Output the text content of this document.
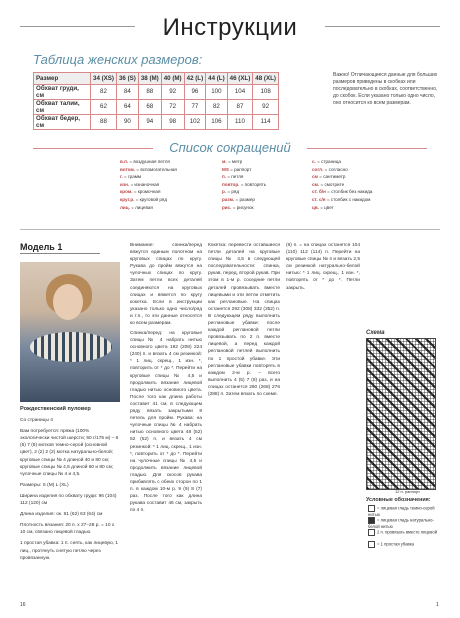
Инструкции
Таблица женских размеров:
Размер	34 (XS)	36 (S)	38 (M)	40 (M)	42 (L)	44 (L)	46 (XL)	48 (XL)
Обхват груди, см	82	84	88	92	96	100	104	108
Обхват талии, см	62	64	68	72	77	82	87	92
Обхват бедер, см	88	90	94	98	102	106	110	114
Важно! Отличающиеся данные для больших размеров приведены в скобках или последовательно в скобках, соответственно, до скобок. Если указано только одно число, оно относится ко всем размерам.
Список сокращений
в.п. = воздушная петля
вотом. = вспомогательная
г. = грамм
изн. = изнаночная
кром. = кромочная
круг.р. = круговой ряд
лиц. = лицевая
м. = метр
MS = раппорт
п. = петля
повтор. = повторять
р. = ряд
разм. = размер
рис. = рисунок
с. = страница
согл. = согласно
см = сантиметр
см. = смотрите
ст. б/н = столбик без накида
ст. с/н = столбик с накидом
цв. = цвет
Модель 1

Рождественский пуловер

Со страницы 4

Вам потребуется: пряжа (100% экологически чистой шерсти; 50 г/175 м) – 6 (6) 7 (8) мотков темно-серой (основной цвет), 2 (2) 2 (2) мотка натурально-белой; круговые спицы № 4 длиной 40 и 80 см; круговые спицы № 4,5 длиной 60 и 80 см; чулочные спицы № 4 и 4,5.

Размеры: S (M) L (XL)

Ширина изделия по обхвату груди: 96 (104) 112 (120) см

Длина изделия: ок. 61 (62) 63 (64) см

Плотность вязания: 20 п. х 27–28 р. = 10 х 10 см, связано лицевой гладью.

1 простая убавка: 1 п. снять, как лицевую, 1 лиц., протянуть снятую петлю через провязанную.

Внимание: спинка/перед вяжутся единым полотном на круговых спицах по кругу. Рукава до пройм вяжутся на чулочных спицах по кругу. Затем петли всех деталей соединяются на круговых спицах и вяжется по кругу кокетка. Если в инструкции указано только одно число/ряд и т.п., то эти данные относятся ко всем размерам.
Спинка/перед: на круговые спицы № 4 набрать нитью основного цвета 192 (208) 224 (240) п. и вязать 4 см резинкой: * 1 лиц. скрещ., 1 изн. *, повторить от * до *. Перейти на круговые спицы № 4,5 и продолжить вязание лицевой гладью нитью основного цвета. После того как длина работы составит 41 см, в следующем ряду вязать закрытыми 8 петель для пройм. Рукава: на чулочные спицы № 4 набрать нитью основного цвета 48 (52) 52 (52) п. и вязать 4 см резинкой: * 1 лиц. скрещ., 1 изн. *, повторить от * до *. Перейти на чулочные спицы № 4,5 и продолжить вязание лицевой гладью. Для скосов рукава прибавлять с обеих сторон по 1 п. в каждом 10-м р. 9 (9) 8 (7) раз. После того как длина рукава составит 46 см, закрыть по 4 п.
Кокетка: перевести оставшиеся петли деталей на круговые спицы № 4,5 в следующей последовательности: спинка, рукав, перед, второй рукав. При этом в 1-м р. соседние петли деталей провязывать вместе лицевыми и эти петли отметить как реглановые. На спицах останется 292 (308) 332 (352) п. В следующем ряду выполнить реглановые убавки: после каждой реглановой петли провязывать по 2 п. вместе лицевой, а перед каждой реглановой петлей выполнить по 1 простой убавке. Эти реглановые убавки повторять в каждом 2-м р. – всего выполнить 4 (5) 7 (8) раз, и на спицах останется 260 (268) 276 (288) п. Затем вязать по схеме.
(6) п. = на спицах останется 104 (110) 112 (114) п. Перейти на круговые спицы № 4 и вязать 2,5 см резинкой натурально-белой нитью: * 1 лиц. скрещ., 1 изн. *, повторять от * до *. Петли закрыть.
Схема
12 п. раппорт
Условные обозначения:
= лицевая гладь темно-серой нитью
= лицевая гладь натурально-белой нитью
2 п. провязать вместе лицевой
= 1 простая убавка
16	1
